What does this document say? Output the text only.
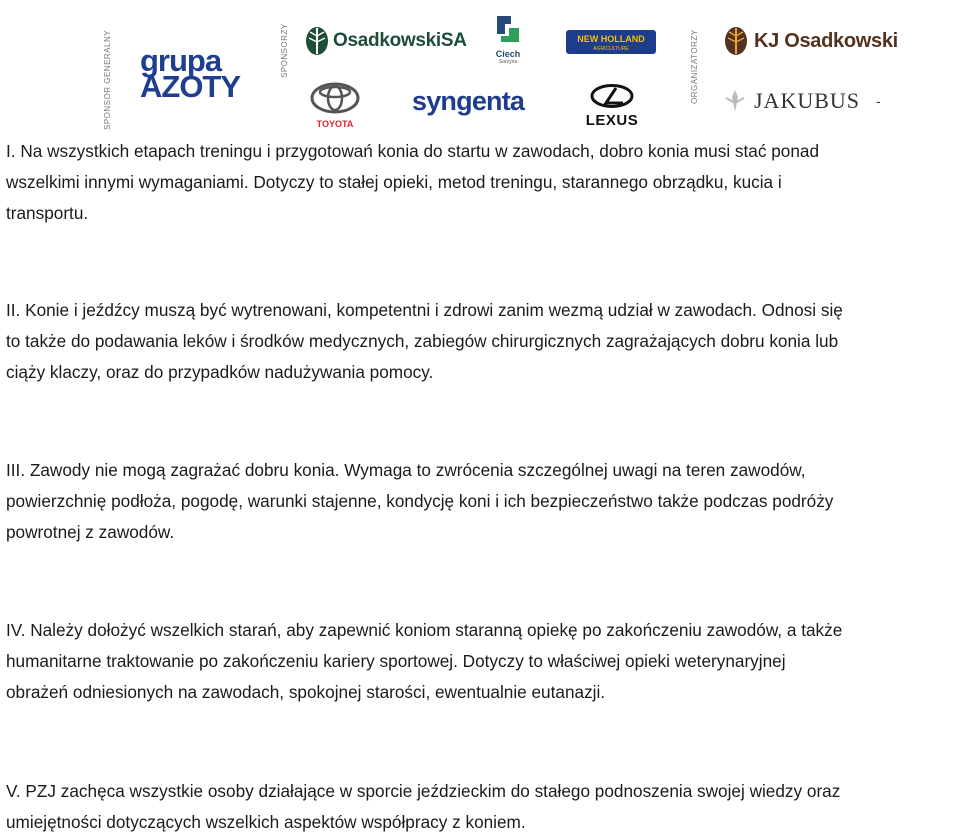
SPONSOR GENERALNY	SPONSORZY	ORGANIZATORZY
grupa
AZOTY
OsadkowskiSA
Ciech
Sarzyna
NEW HOLLAND
AGRICULTURE	KJ Osadkowski
TOYOTA
syngenta
LEXUS
JAKUBUS -

I. Na wszystkich etapach treningu i przygotowań konia do startu w zawodach, dobro konia musi stać ponad
wszelkimi innymi wymaganiami. Dotyczy to stałej opieki, metod treningu, starannego obrządku, kucia i
transportu.

II. Konie i jeźdźcy muszą być wytrenowani, kompetentni i zdrowi zanim wezmą udział w zawodach. Odnosi się
to także do podawania leków i środków medycznych, zabiegów chirurgicznych zagrażających dobru konia lub
ciąży klaczy, oraz do przypadków nadużywania pomocy.

III. Zawody nie mogą zagrażać dobru konia. Wymaga to zwrócenia szczególnej uwagi na teren zawodów,
powierzchnię podłoża, pogodę, warunki stajenne, kondycję koni i ich bezpieczeństwo także podczas podróży
powrotnej z zawodów.

IV. Należy dołożyć wszelkich starań, aby zapewnić koniom staranną opiekę po zakończeniu zawodów, a także
humanitarne traktowanie po zakończeniu kariery sportowej. Dotyczy to właściwej opieki weterynaryjnej
obrażeń odniesionych na zawodach, spokojnej starości, ewentualnie eutanazji.

V. PZJ zachęca wszystkie osoby działające w sporcie jeździeckim do stałego podnoszenia swojej wiedzy oraz
umiejętności dotyczących wszelkich aspektów współpracy z koniem.
